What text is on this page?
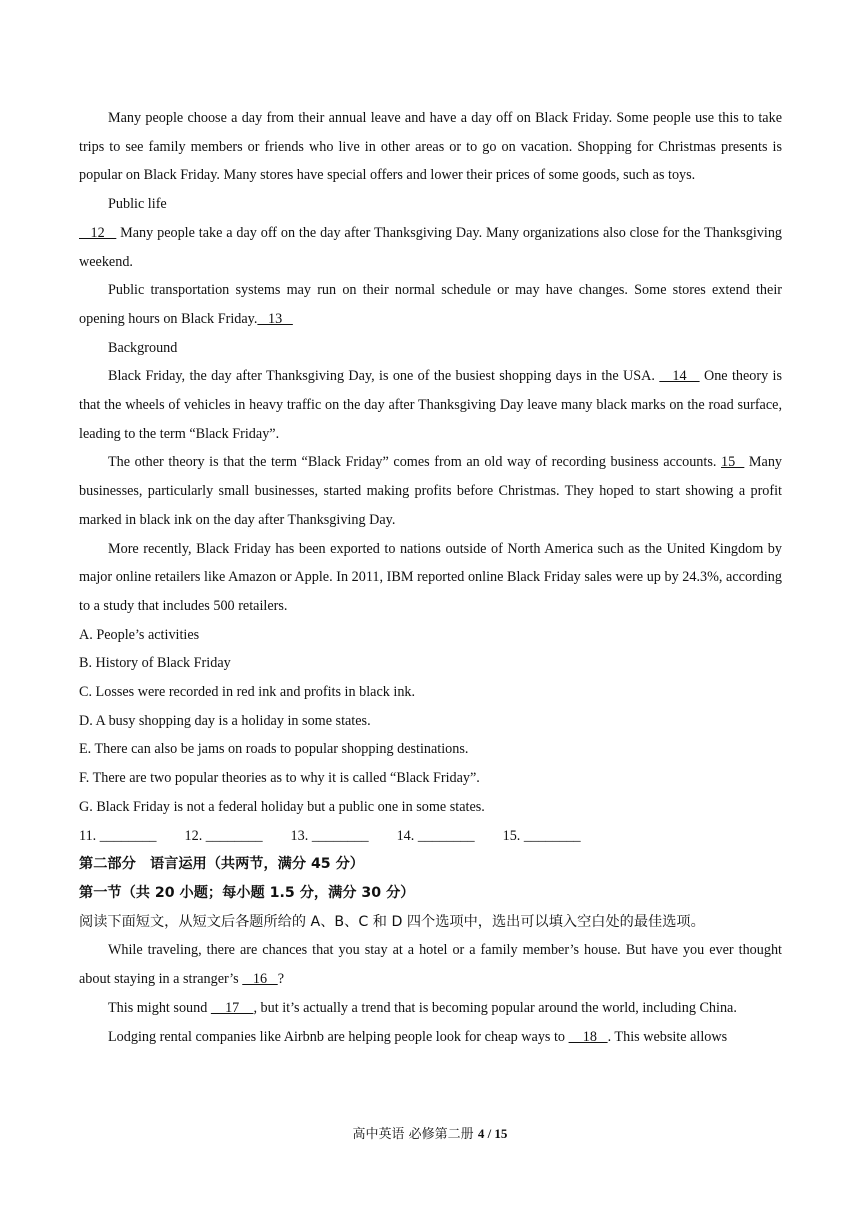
Many people choose a day from their annual leave and have a day off on Black Friday. Some people use this to take trips to see family members or friends who live in other areas or to go on vacation. Shopping for Christmas presents is popular on Black Friday. Many stores have special offers and lower their prices of some goods, such as toys.

Public life

12    Many people take a day off on the day after Thanksgiving Day. Many organizations also close for the Thanksgiving weekend.

Public transportation systems may run on their normal schedule or may have changes. Some stores extend their opening hours on Black Friday.   13

Background

Black Friday, the day after Thanksgiving Day, is one of the busiest shopping days in the USA.    14    One theory is that the wheels of vehicles in heavy traffic on the day after Thanksgiving Day leave many black marks on the road surface, leading to the term “Black Friday”.

The other theory is that the term “Black Friday” comes from an old way of recording business accounts. 15   Many businesses, particularly small businesses, started making profits before Christmas. They hoped to start showing a profit marked in black ink on the day after Thanksgiving Day.

More recently, Black Friday has been exported to nations outside of North America such as the United Kingdom by major online retailers like Amazon or Apple. In 2011, IBM reported online Black Friday sales were up by 24.3%, according to a study that includes 500 retailers.

A. People’s activities

B. History of Black Friday

C. Losses were recorded in red ink and profits in black ink.

D. A busy shopping day is a holiday in some states.

E. There can also be jams on roads to popular shopping destinations.

F. There are two popular theories as to why it is called “Black Friday”.

G. Black Friday is not a federal holiday but a public one in some states.

11. ________ 12. ________ 13. ________ 14. ________ 15. ________

第二部分　语言运用（共两节，满分 45 分）

第一节（共 20 小题；每小题 1.5 分，满分 30 分）

阅读下面短文，从短文后各题所给的 A、B、C 和 D 四个选项中，选出可以填入空白处的最佳选项。

While traveling, there are chances that you stay at a hotel or a family member’s house. But have you ever thought about staying in a stranger’s    16   ?

This might sound     17    , but it’s actually a trend that is becoming popular around the world, including China.

Lodging rental companies like Airbnb are helping people look for cheap ways to     18   . This website allows

高中英语 必修第二册 4 / 15
